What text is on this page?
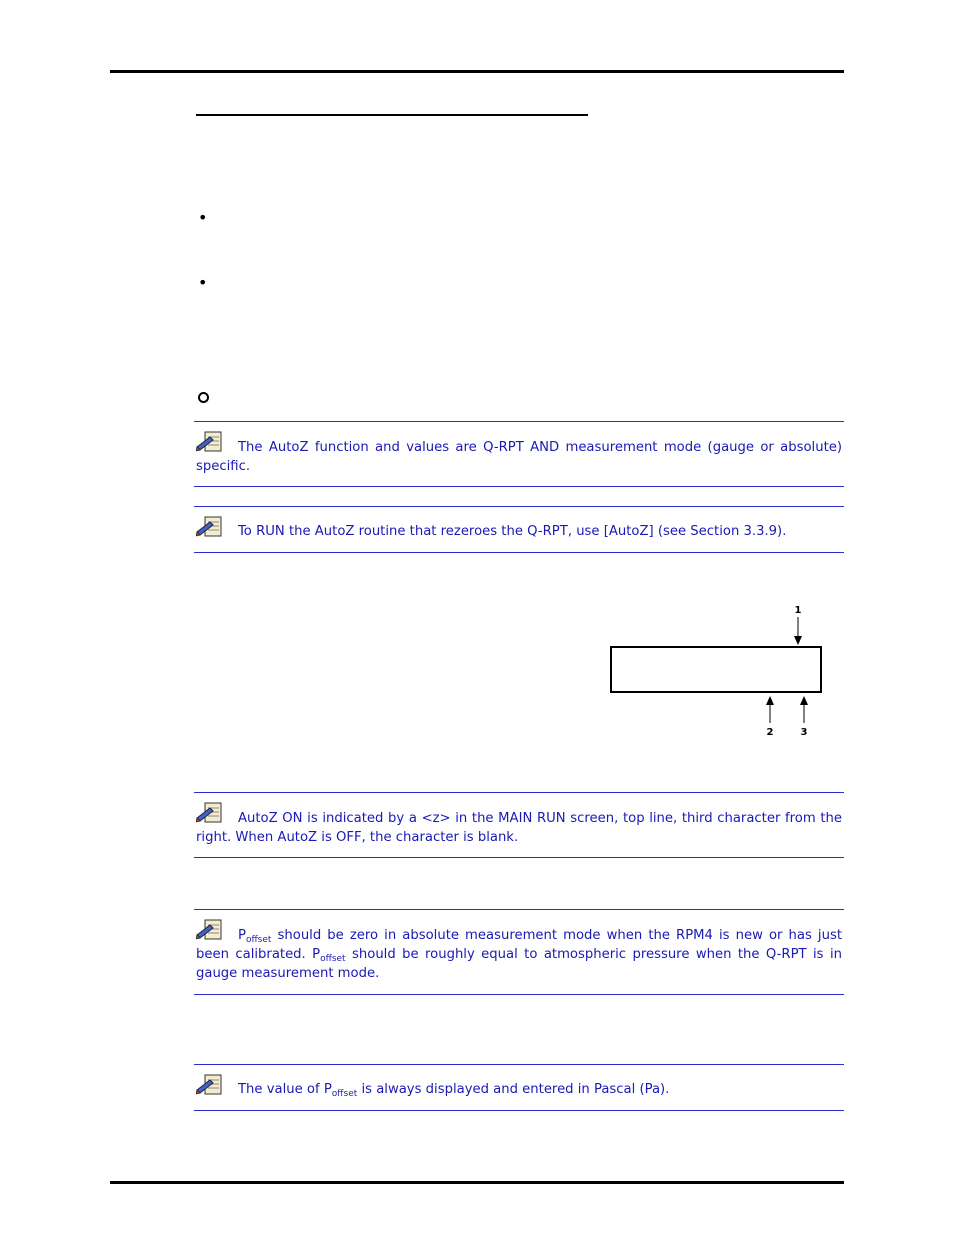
•
•
The AutoZ function and values are Q-RPT AND measurement mode (gauge or absolute) specific.
To RUN the AutoZ routine that rezeroes the Q-RPT, use [AutoZ] (see Section 3.3.9).
1
2	3
AutoZ ON is indicated by a <z> in the MAIN RUN screen, top line, third character from the right. When AutoZ is OFF, the character is blank.
$P_{offset}$ should be zero in absolute measurement mode when the RPM4 is new or has just been calibrated. $P_{offset}$ should be roughly equal to atmospheric pressure when the Q-RPT is in gauge measurement mode.
The value of $P_{offset}$ is always displayed and entered in Pascal (Pa).
